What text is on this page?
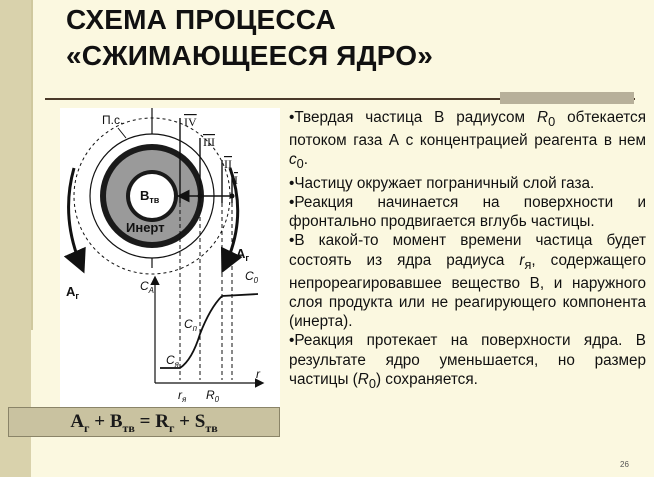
СХЕМА ПРОЦЕССА
«СЖИМАЮЩЕЕСЯ ЯДРО»
$В_{тв}$
Инерт
П.с.	IV
III
II
I
$А_г$
$А_г$
$С_А$
$С_0$
$С_п$
$С_я$
$r_я$ $R_0$
r
$А_г + В_{тв} = R_г + S_{тв}$

•Твердая частица В радиусом $R_0$ обтекается потоком газа А с концентрацией реагента в нем $c_0$.

•Частицу окружает пограничный слой газа.

•Реакция начинается на поверхности и фронтально продвигается вглубь частицы.

•В какой-то момент времени частица будет состоять из ядра радиуса $r_я$, содержащего непрореагировавшее вещество В, и наружного слоя продукта или не реагирующего компонента (инерта).

•Реакция протекает на поверхности ядра. В результате ядро уменьшается, но размер частицы $(R_0)$ сохраняется.

26
